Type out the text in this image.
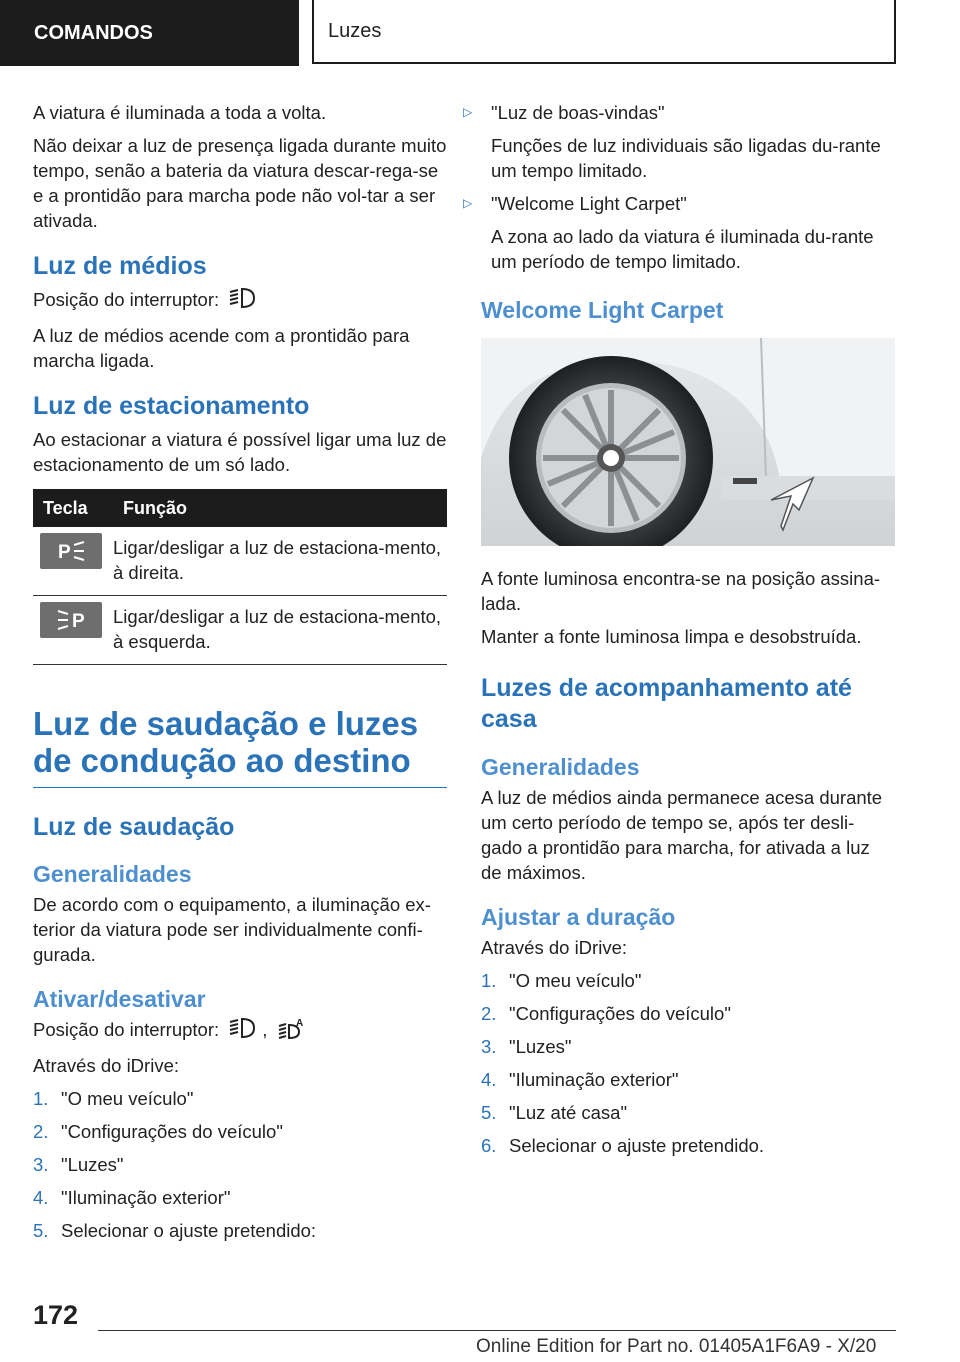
COMANDOS	Luzes

A viatura é iluminada a toda a volta.

Não deixar a luz de presença ligada durante muito tempo, senão a bateria da viatura descar-rega-se e a prontidão para marcha pode não vol-tar a ser ativada.

Luz de médios

Posição do interruptor:

A luz de médios acende com a prontidão para marcha ligada.

Luz de estacionamento

Ao estacionar a viatura é possível ligar uma luz de estacionamento de um só lado.

Tecla	Função

P	Ligar/desligar a luz de estaciona-mento, à direita.

P	Ligar/desligar a luz de estaciona-mento, à esquerda.
Luz de saudação e luzes de condução ao destino
Luz de saudação
Generalidades

De acordo com o equipamento, a iluminação ex-terior da viatura pode ser individualmente confi-gurada.

Ativar/desativar

Posição do interruptor: ,	A

Através do iDrive:

1. "O meu veículo"
2. "Configurações do veículo"
3. "Luzes"
4. "Iluminação exterior"
5. Selecionar o ajuste pretendido:
▷	"Luz de boas-vindas"
Funções de luz individuais são ligadas du-rante um tempo limitado.
▷	"Welcome Light Carpet"
A zona ao lado da viatura é iluminada du-rante um período de tempo limitado.
Welcome Light Carpet

A fonte luminosa encontra-se na posição assina-lada.

Manter a fonte luminosa limpa e desobstruída.

Luzes de acompanhamento até casa
Generalidades

A luz de médios ainda permanece acesa durante um certo período de tempo se, após ter desli-gado a prontidão para marcha, for ativada a luz de máximos.

Ajustar a duração

Através do iDrive:

1. "O meu veículo"
2. "Configurações do veículo"
3. "Luzes"
4. "Iluminação exterior"
5. "Luz até casa"
6. Selecionar o ajuste pretendido.
172
Online Edition for Part no. 01405A1F6A9 - X/20
